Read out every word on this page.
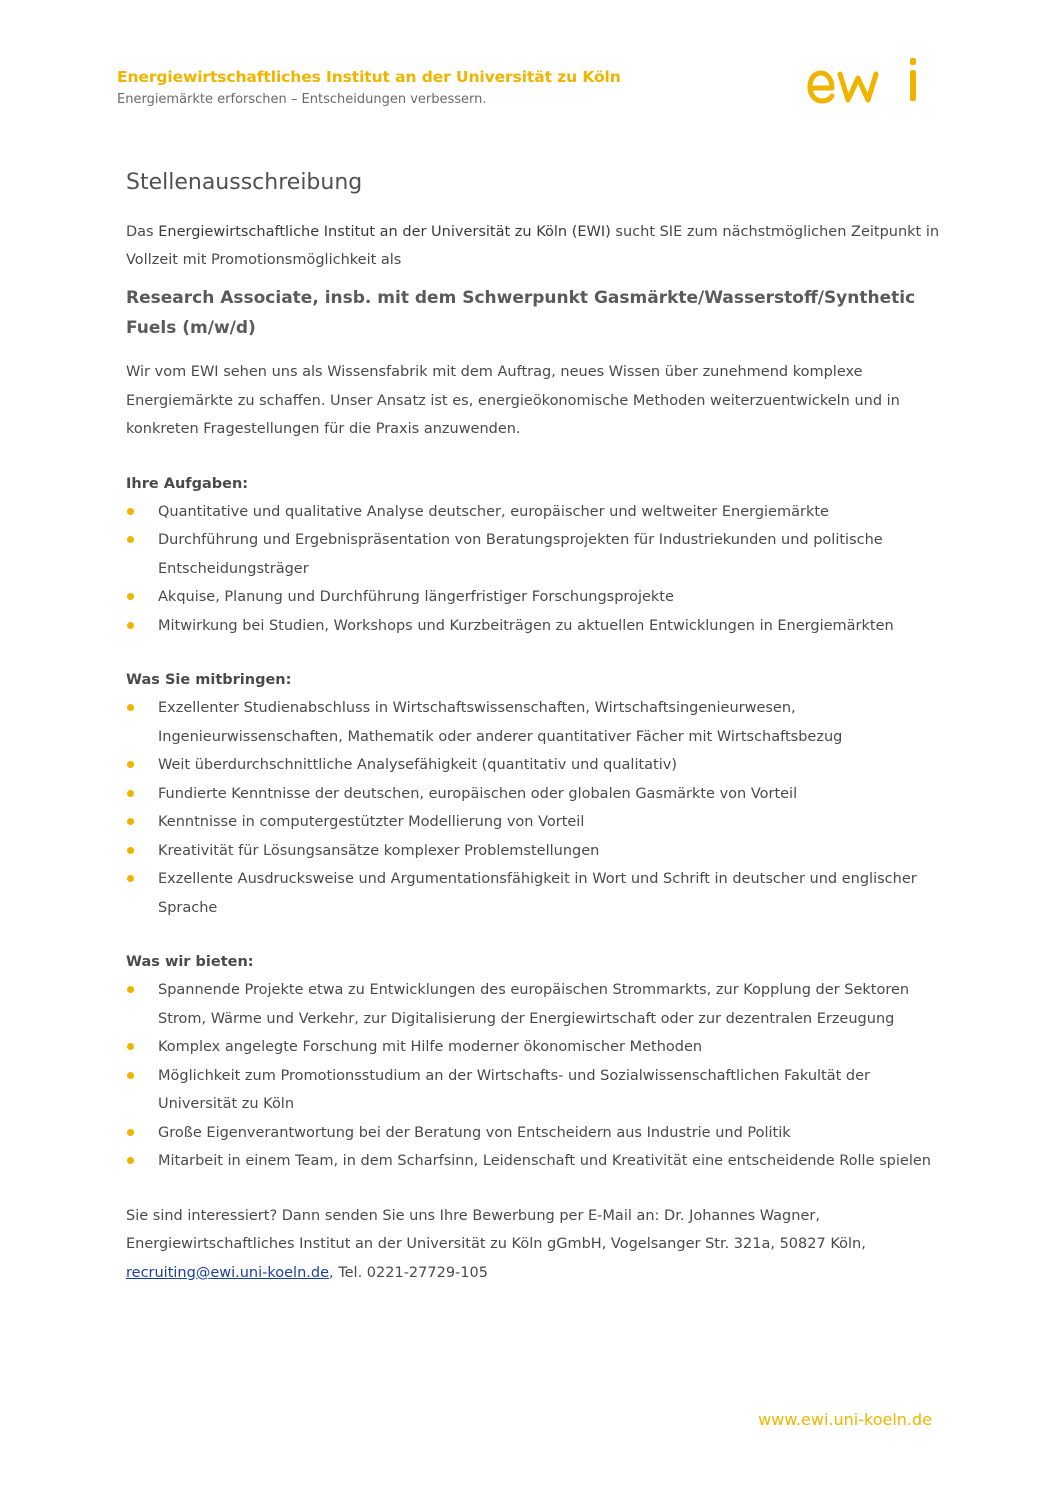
Energiewirtschaftliches Institut an der Universität zu Köln
Energiemärkte erforschen – Entscheidungen verbessern.
Stellenausschreibung

Das Energiewirtschaftliche Institut an der Universität zu Köln (EWI) sucht SIE zum nächstmöglichen Zeitpunkt in Vollzeit mit Promotionsmöglichkeit als

Research Associate, insb. mit dem Schwerpunkt Gasmärkte/Wasserstoff/Synthetic Fuels (m/w/d)

Wir vom EWI sehen uns als Wissensfabrik mit dem Auftrag, neues Wissen über zunehmend komplexe Energiemärkte zu schaffen. Unser Ansatz ist es, energieökonomische Methoden weiterzuentwickeln und in konkreten Fragestellungen für die Praxis anzuwenden.

Ihre Aufgaben:
Quantitative und qualitative Analyse deutscher, europäischer und weltweiter Energiemärkte
Durchführung und Ergebnispräsentation von Beratungsprojekten für Industriekunden und politische Entscheidungsträger
Akquise, Planung und Durchführung längerfristiger Forschungsprojekte
Mitwirkung bei Studien, Workshops und Kurzbeiträgen zu aktuellen Entwicklungen in Energiemärkten
Was Sie mitbringen:
Exzellenter Studienabschluss in Wirtschaftswissenschaften, Wirtschaftsingenieurwesen, Ingenieurwissenschaften, Mathematik oder anderer quantitativer Fächer mit Wirtschaftsbezug
Weit überdurchschnittliche Analysefähigkeit (quantitativ und qualitativ)
Fundierte Kenntnisse der deutschen, europäischen oder globalen Gasmärkte von Vorteil
Kenntnisse in computergestützter Modellierung von Vorteil
Kreativität für Lösungsansätze komplexer Problemstellungen
Exzellente Ausdrucksweise und Argumentationsfähigkeit in Wort und Schrift in deutscher und englischer Sprache
Was wir bieten:
Spannende Projekte etwa zu Entwicklungen des europäischen Strommarkts, zur Kopplung der Sektoren Strom, Wärme und Verkehr, zur Digitalisierung der Energiewirtschaft oder zur dezentralen Erzeugung
Komplex angelegte Forschung mit Hilfe moderner ökonomischer Methoden
Möglichkeit zum Promotionsstudium an der Wirtschafts- und Sozialwissenschaftlichen Fakultät der Universität zu Köln
Große Eigenverantwortung bei der Beratung von Entscheidern aus Industrie und Politik
Mitarbeit in einem Team, in dem Scharfsinn, Leidenschaft und Kreativität eine entscheidende Rolle spielen

Sie sind interessiert? Dann senden Sie uns Ihre Bewerbung per E-Mail an: Dr. Johannes Wagner, Energiewirtschaftliches Institut an der Universität zu Köln gGmbH, Vogelsanger Str. 321a, 50827 Köln, recruiting@ewi.uni-koeln.de, Tel. 0221-27729-105

www.ewi.uni-koeln.de
